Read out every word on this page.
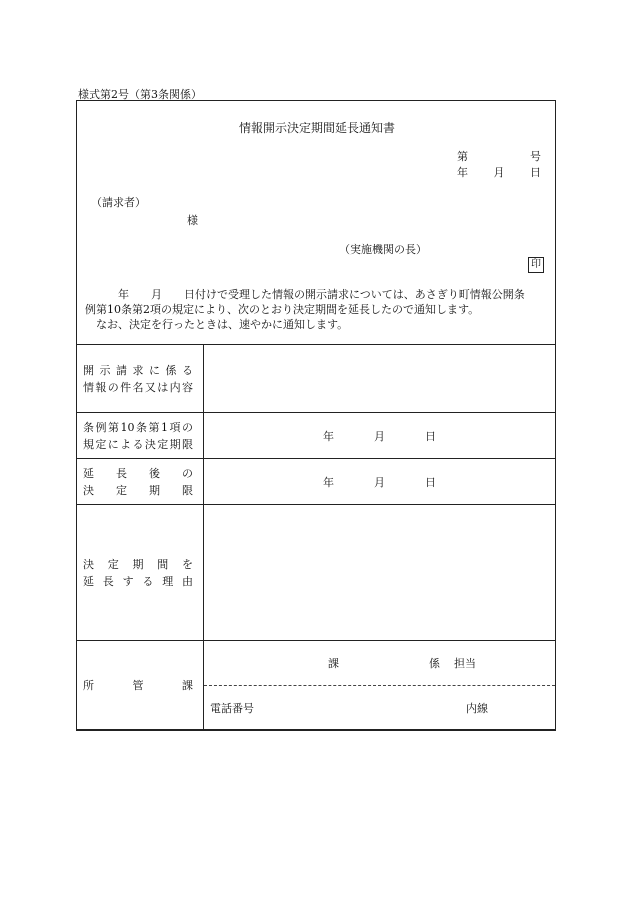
様式第2号（第3条関係）
情報開示決定期間延長通知書
第	号
年 月 日
（請求者）
様
（実施機関の長）
印

　　　年　　月　　日付けで受理した情報の開示請求については、あさぎり町情報公開条

例第10条第2項の規定により、次のとおり決定期間を延長したので通知します。

　なお、決定を行ったときは、速やかに通知します。

開示請求に係る
情報の件名又は内容	

条例第10条第1項の
規定による決定期限	年 月 日

延長後の
決定期限	年 月 日

決定期間を
延長する理由	

所管課	課 係 担当
電話番号 内線
